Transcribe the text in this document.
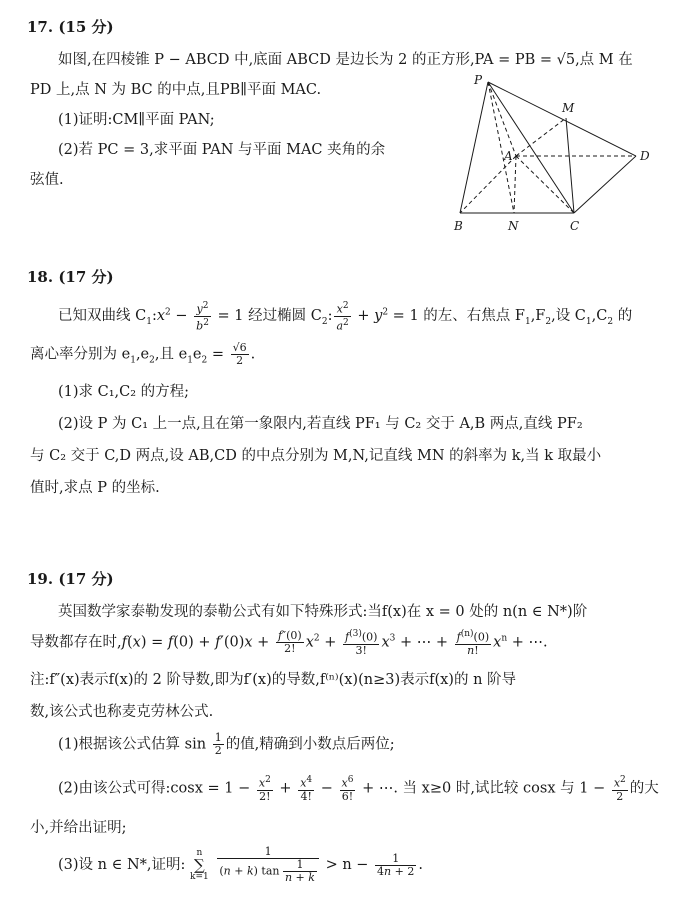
17. (15 分)
如图,在四棱锥 P − ABCD 中,底面 ABCD 是边长为 2 的正方形,PA = PB = √5,点 M 在
PD 上,点 N 为 BC 的中点,且PB∥平面 MAC.
(1)证明:CM∥平面 PAN;
(2)若 PC = 3,求平面 PAN 与平面 MAC 夹角的余
弦值.
P
M
A	D
B	N	C
18. (17 分)
已知双曲线 $C_1:x^2 - \frac{y^2}{b^2} = 1$ 经过椭圆 $C_2$: $\frac{x^2}{a^2} + y^2 = 1$ 的左、右焦点 $F_1,F_2$,设 $C_1,C_2$ 的
离心率分别为 $e_1,e_2$,且 $e_1e_2 = \frac{√6}{2}$ .
(1)求 C₁,C₂ 的方程;
(2)设 P 为 C₁ 上一点,且在第一象限内,若直线 PF₁ 与 C₂ 交于 A,B 两点,直线 PF₂
与 C₂ 交于 C,D 两点,设 AB,CD 的中点分别为 M,N,记直线 MN 的斜率为 k,当 k 取最小
值时,求点 P 的坐标.
19. (17 分)
英国数学家泰勒发现的泰勒公式有如下特殊形式:当f(x)在 x = 0 处的 n(n ∈ N*)阶
导数都存在时$,f(x) = f(0) + f'(0)x + \frac{f''(0)}{2!} x^2 + \frac{f^{(3)}(0)}{3!} x^3$ + ⋯ + $\frac{f^{(n)}(0)}{n!} x^n$ + ⋯.
注:f″(x)表示f(x)的 2 阶导数,即为f′(x)的导数,f⁽ⁿ⁾(x)(n≥3)表示f(x)的 n 阶导
数,该公式也称麦克劳林公式.
(1)根据该公式估算 $\sin \frac{1}{2}$ 的值,精确到小数点后两位;
(2)由该公式可得:cosx = $1 - \frac{x^2}{2!} + \frac{x^4}{4!} - \frac{x^6}{6!}$ + ⋯. 当 x≥0 时,试比较 cosx 与 $1 - \frac{x^2}{2}$ 的大
小,并给出证明;
(3)设 n ∈ N*,证明: n
∑
$k=1 \frac{1}{(n + k) \tan \frac{1}{n + k}} > n - \frac{1}{4n + 2}$ .
